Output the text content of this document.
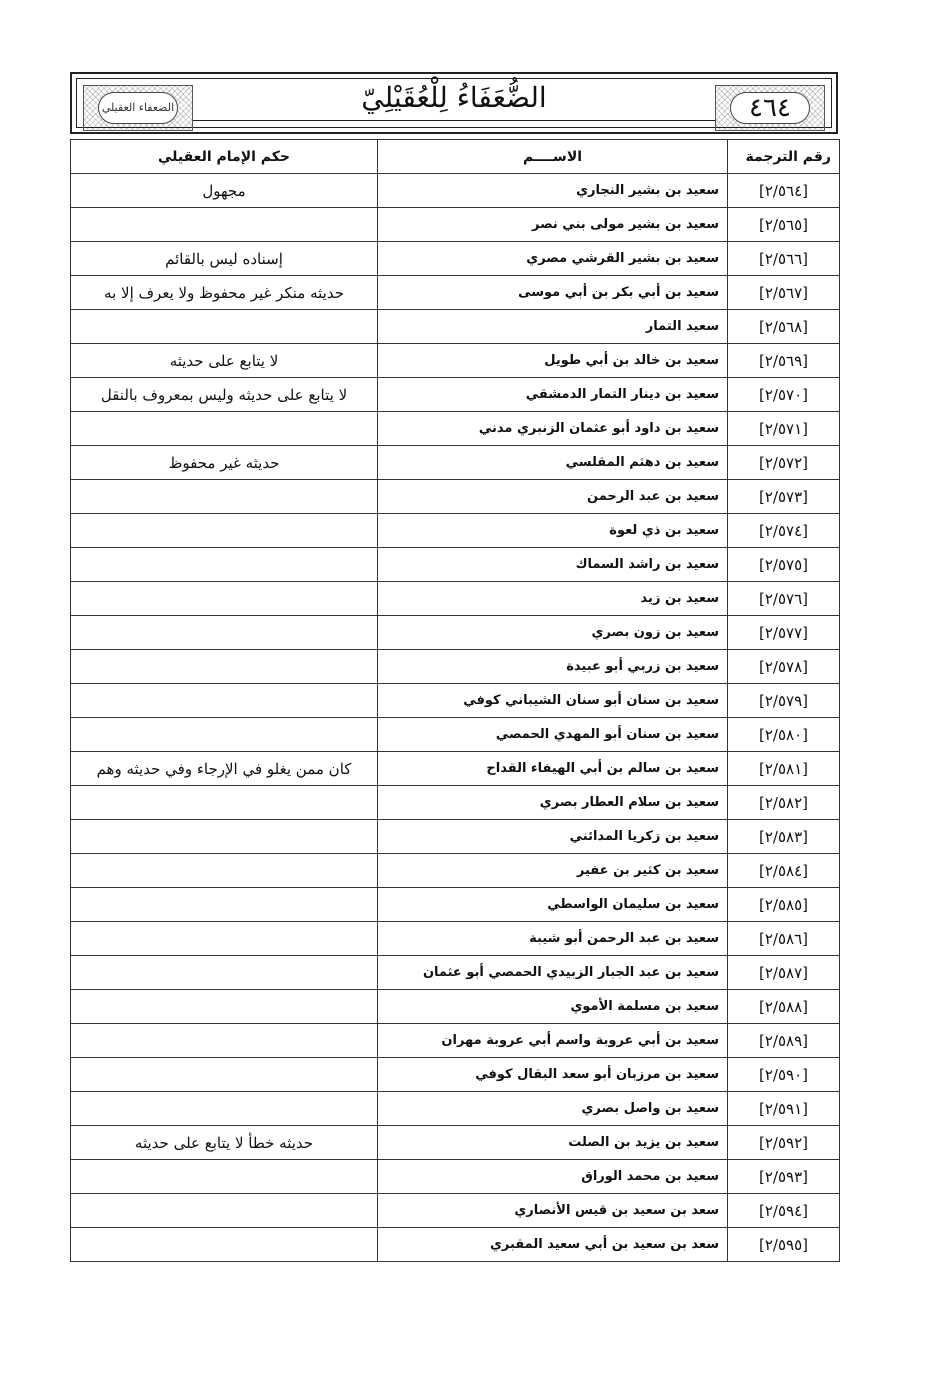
٤٦٤
الضُّعَفَاءُ لِلْعُقَيْلِيّ
الضعفاء العقيلي
رقم الترجمة	الاســــم	حكم الإمام العقيلي
[٢/٥٦٤]	سعيد بن بشير النجاري	مجهول
[٢/٥٦٥]	سعيد بن بشير مولى بني نصر	
[٢/٥٦٦]	سعيد بن بشير القرشي مصري	إسناده ليس بالقائم
[٢/٥٦٧]	سعيد بن أبي بكر بن أبي موسى	حديثه منكر غير محفوظ ولا يعرف إلا به
[٢/٥٦٨]	سعيد التمار	
[٢/٥٦٩]	سعيد بن خالد بن أبي طويل	لا يتابع على حديثه
[٢/٥٧٠]	سعيد بن دينار التمار الدمشقي	لا يتابع على حديثه وليس بمعروف بالنقل
[٢/٥٧١]	سعيد بن داود أبو عثمان الزنبري مدني	
[٢/٥٧٢]	سعيد بن دهثم المقلسي	حديثه غير محفوظ
[٢/٥٧٣]	سعيد بن عبد الرحمن	
[٢/٥٧٤]	سعيد بن ذي لعوة	
[٢/٥٧٥]	سعيد بن راشد السماك	
[٢/٥٧٦]	سعيد بن زيد	
[٢/٥٧٧]	سعيد بن زون بصري	
[٢/٥٧٨]	سعيد بن زربي أبو عبيدة	
[٢/٥٧٩]	سعيد بن سنان أبو سنان الشيباني كوفي	
[٢/٥٨٠]	سعيد بن سنان أبو المهدي الحمصي	
[٢/٥٨١]	سعيد بن سالم بن أبي الهيفاء القداح	كان ممن يغلو في الإرجاء وفي حديثه وهم
[٢/٥٨٢]	سعيد بن سلام العطار بصري	
[٢/٥٨٣]	سعيد بن زكريا المدائني	
[٢/٥٨٤]	سعيد بن كثير بن عفير	
[٢/٥٨٥]	سعيد بن سليمان الواسطي	
[٢/٥٨٦]	سعيد بن عبد الرحمن أبو شيبة	
[٢/٥٨٧]	سعيد بن عبد الجبار الزبيدي الحمصي أبو عثمان	
[٢/٥٨٨]	سعيد بن مسلمة الأموي	
[٢/٥٨٩]	سعيد بن أبي عروبة واسم أبي عروبة مهران	
[٢/٥٩٠]	سعيد بن مرزبان أبو سعد البقال كوفي	
[٢/٥٩١]	سعيد بن واصل بصري	
[٢/٥٩٢]	سعيد بن يزيد بن الصلت	حديثه خطأ لا يتابع على حديثه
[٢/٥٩٣]	سعيد بن محمد الوراق	
[٢/٥٩٤]	سعد بن سعيد بن قيس الأنصاري	
[٢/٥٩٥]	سعد بن سعيد بن أبي سعيد المقبري	
